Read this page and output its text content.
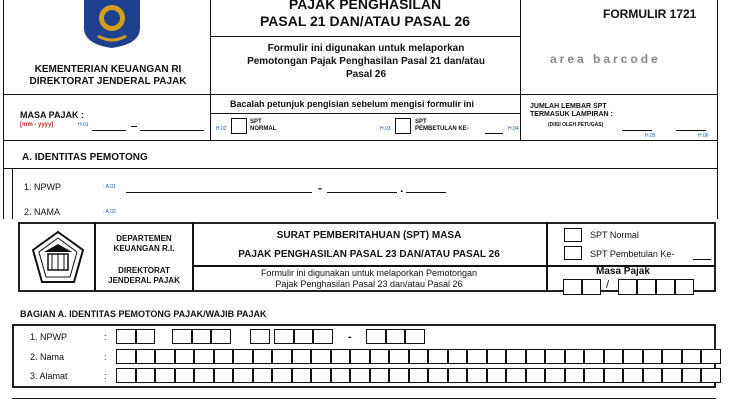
KEMENTERIAN KEUANGAN RI
DIREKTORAT JENDERAL PAJAK
PAJAK PENGHASILAN
PASAL 21 DAN/ATAU PASAL 26
Formulir ini digunakan untuk melaporkan Pemotongan Pajak Penghasilan Pasal 21 dan/atau Pasal 26
FORMULIR 1721
area barcode
MASA PAJAK :
[mm - yyyy]	H.01
Bacalah petunjuk pengisian sebelum mengisi formulir ini
H.02
SPT
NORMAL	H.03
SPT
PEMBETULAN KE-	H.04
JUMLAH LEMBAR SPT
TERMASUK LAMPIRAN :
(DIISI OLEH PETUGAS)
H.05	H.06
A. IDENTITAS PEMOTONG
1. NPWP	: A.01	-	.
2. NAMA	: A.02
DEPARTEMEN
KEUANGAN R.I.
DIREKTORAT
JENDERAL PAJAK
SURAT PEMBERITAHUAN (SPT) MASA
PAJAK PENGHASILAN PASAL 23 DAN/ATAU PASAL 26
Formulir ini digunakan untuk melaporkan Pemotongan
Pajak Penghasilan Pasal 23 dan/atau Pasal 26
SPT Normal
SPT Pembetulan Ke-
Masa Pajak
/
BAGIAN A. IDENTITAS PEMOTONG PAJAK/WAJIB PAJAK
1. NPWP	:
2. Nama	:
3. Alamat	:
-
